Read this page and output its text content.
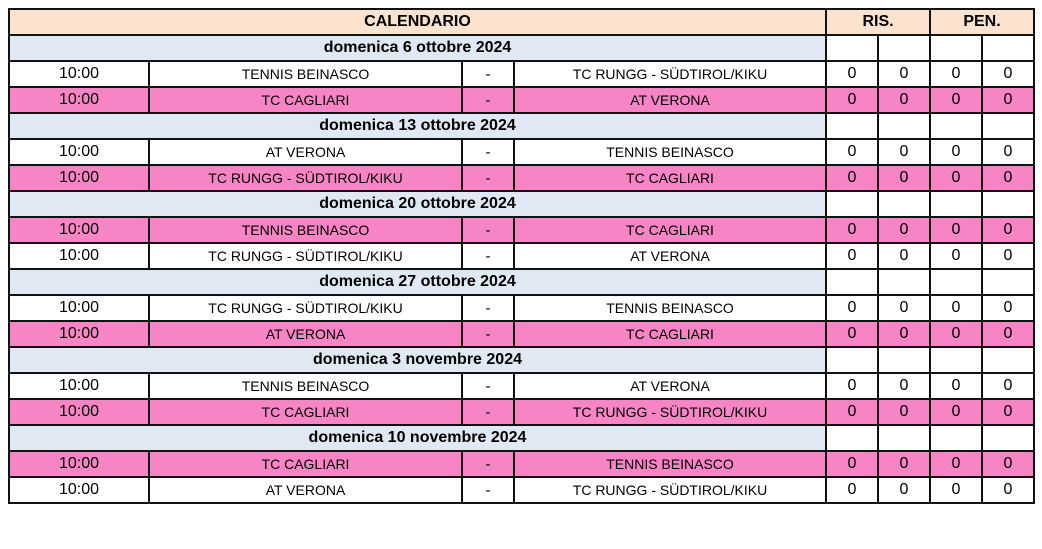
CALENDARIO				RIS.		PEN.	
domenica 6 ottobre 2024							
10:00	TENNIS BEINASCO	-	TC RUNGG - SÜDTIROL/KIKU	0	0	0	0
10:00	TC CAGLIARI	-	AT VERONA	0	0	0	0
domenica 13 ottobre 2024							
10:00	AT VERONA	-	TENNIS BEINASCO	0	0	0	0
10:00	TC RUNGG - SÜDTIROL/KIKU	-	TC CAGLIARI	0	0	0	0
domenica 20 ottobre 2024							
10:00	TENNIS BEINASCO	-	TC CAGLIARI	0	0	0	0
10:00	TC RUNGG - SÜDTIROL/KIKU	-	AT VERONA	0	0	0	0
domenica 27 ottobre 2024							
10:00	TC RUNGG - SÜDTIROL/KIKU	-	TENNIS BEINASCO	0	0	0	0
10:00	AT VERONA	-	TC CAGLIARI	0	0	0	0
domenica 3 novembre 2024							
10:00	TENNIS BEINASCO	-	AT VERONA	0	0	0	0
10:00	TC CAGLIARI	-	TC RUNGG - SÜDTIROL/KIKU	0	0	0	0
domenica 10 novembre 2024							
10:00	TC CAGLIARI	-	TENNIS BEINASCO	0	0	0	0
10:00	AT VERONA	-	TC RUNGG - SÜDTIROL/KIKU	0	0	0	0
